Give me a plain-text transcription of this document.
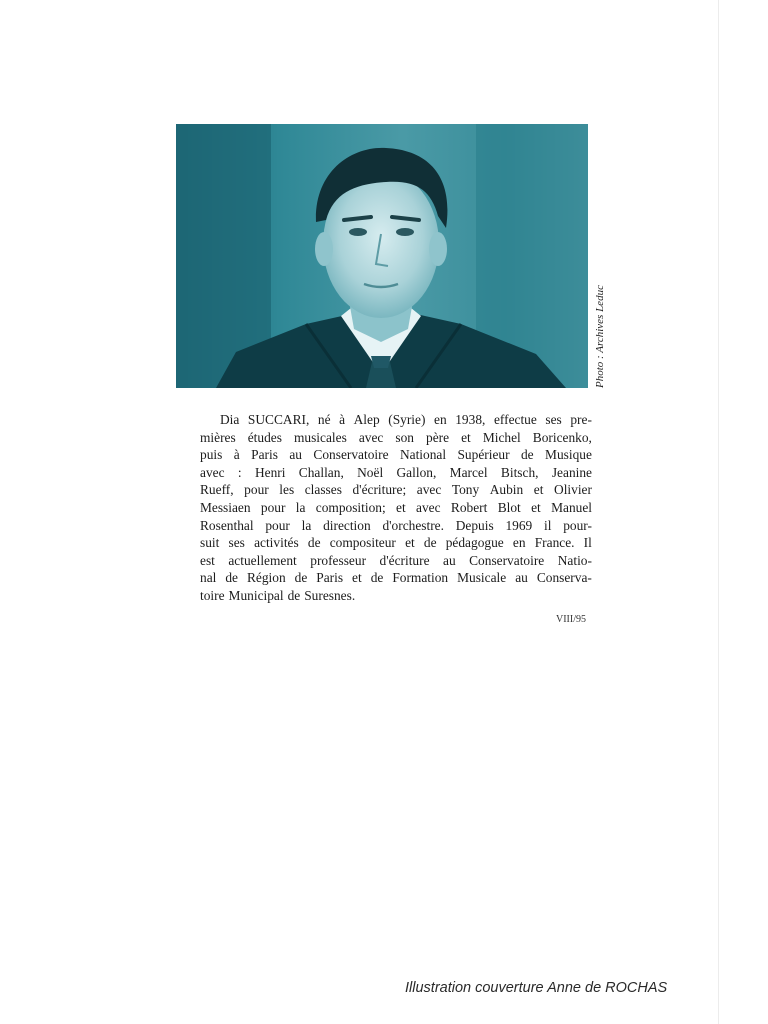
Photo : Archives Leduc
Dia SUCCARI, né à Alep (Syrie) en 1938, effectue ses pre-
mières études musicales avec son père et Michel Boricenko,
puis à Paris au Conservatoire National Supérieur de Musique
avec : Henri Challan, Noël Gallon, Marcel Bitsch, Jeanine
Rueff, pour les classes d'écriture; avec Tony Aubin et Olivier
Messiaen pour la composition; et avec Robert Blot et Manuel
Rosenthal pour la direction d'orchestre. Depuis 1969 il pour-
suit ses activités de compositeur et de pédagogue en France. Il
est actuellement professeur d'écriture au Conservatoire Natio-
nal de Région de Paris et de Formation Musicale au Conserva-
toire Municipal de Suresnes.
VIII/95
Illustration couverture Anne de ROCHAS
